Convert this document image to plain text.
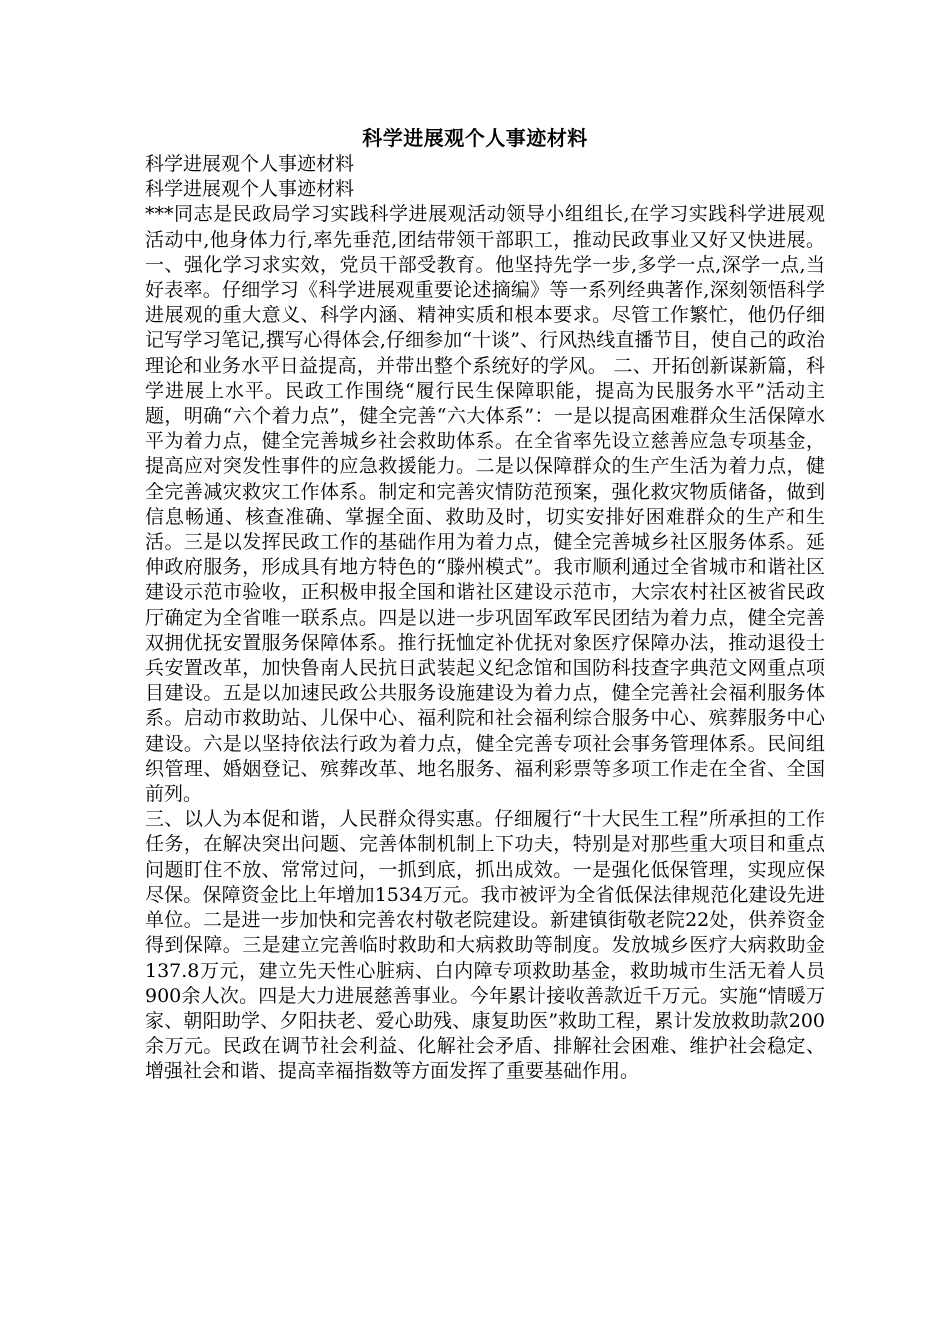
科学进展观个人事迹材料

科学进展观个人事迹材料

科学进展观个人事迹材料

***同志是民政局学习实践科学进展观活动领导小组组长,在学习实践科学进展观活动中,他身体力行,率先垂范,团结带领干部职工，推动民政事业又好又快进展。 一、强化学习求实效，党员干部受教育。他坚持先学一步,多学一点,深学一点,当好表率。仔细学习《科学进展观重要论述摘编》等一系列经典著作,深刻领悟科学进展观的重大意义、科学内涵、精神实质和根本要求。尽管工作繁忙，他仍仔细记写学习笔记,撰写心得体会,仔细参加“十谈”、行风热线直播节目，使自己的政治理论和业务水平日益提高，并带出整个系统好的学风。 二、开拓创新谋新篇，科学进展上水平。民政工作围绕“履行民生保障职能，提高为民服务水平”活动主题，明确“六个着力点”，健全完善“六大体系”：一是以提高困难群众生活保障水平为着力点，健全完善城乡社会救助体系。在全省率先设立慈善应急专项基金，提高应对突发性事件的应急救援能力。二是以保障群众的生产生活为着力点，健全完善减灾救灾工作体系。制定和完善灾情防范预案，强化救灾物质储备，做到信息畅通、核查准确、掌握全面、救助及时，切实安排好困难群众的生产和生活。三是以发挥民政工作的基础作用为着力点，健全完善城乡社区服务体系。延伸政府服务，形成具有地方特色的“滕州模式”。我市顺利通过全省城市和谐社区建设示范市验收，正积极申报全国和谐社区建设示范市，大宗农村社区被省民政厅确定为全省唯一联系点。四是以进一步巩固军政军民团结为着力点，健全完善双拥优抚安置服务保障体系。推行抚恤定补优抚对象医疗保障办法，推动退役士兵安置改革，加快鲁南人民抗日武装起义纪念馆和国防科技查字典范文网重点项目建设。五是以加速民政公共服务设施建设为着力点，健全完善社会福利服务体系。启动市救助站、儿保中心、福利院和社会福利综合服务中心、殡葬服务中心建设。六是以坚持依法行政为着力点，健全完善专项社会事务管理体系。民间组织管理、婚姻登记、殡葬改革、地名服务、福利彩票等多项工作走在全省、全国前列。

三、以人为本促和谐，人民群众得实惠。仔细履行“十大民生工程”所承担的工作任务，在解决突出问题、完善体制机制上下功夫，特别是对那些重大项目和重点问题盯住不放、常常过问，一抓到底，抓出成效。一是强化低保管理，实现应保尽保。保障资金比上年增加1534万元。我市被评为全省低保法律规范化建设先进单位。二是进一步加快和完善农村敬老院建设。新建镇街敬老院22处，供养资金得到保障。三是建立完善临时救助和大病救助等制度。发放城乡医疗大病救助金137.8万元，建立先天性心脏病、白内障专项救助基金，救助城市生活无着人员900余人次。四是大力进展慈善事业。今年累计接收善款近千万元。实施“情暖万家、朝阳助学、夕阳扶老、爱心助残、康复助医”救助工程，累计发放救助款200余万元。民政在调节社会利益、化解社会矛盾、排解社会困难、维护社会稳定、增强社会和谐、提高幸福指数等方面发挥了重要基础作用。
